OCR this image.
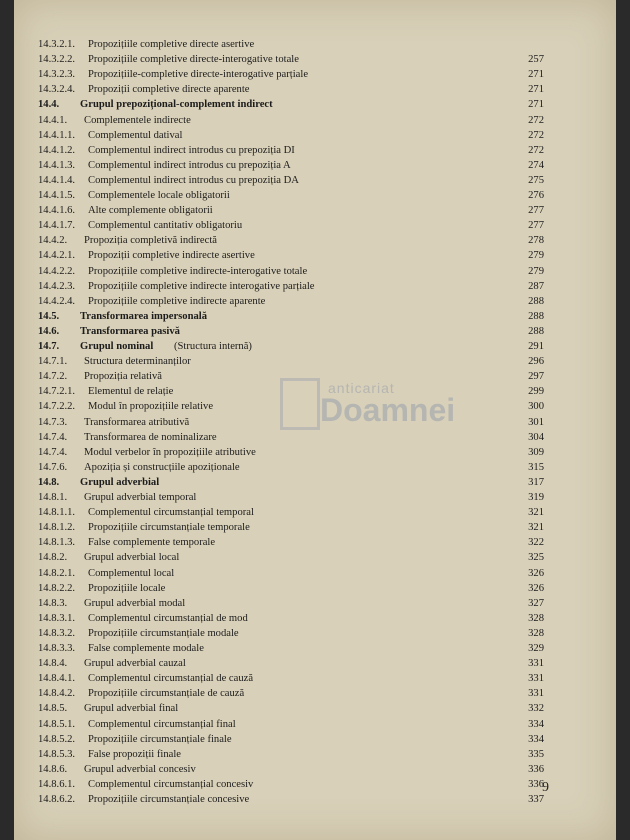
14.3.2.1. Propozițiile completive directe asertive
14.3.2.2. Propozițiile completive directe-interogative totale	257
14.3.2.3. Propozițiile-completive directe-interogative parțiale	271
14.3.2.4. Propoziții completive directe aparente	271
14.4. Grupul prepozițional-complement indirect	271
14.4.1. Complementele indirecte	272
14.4.1.1. Complementul datival	272
14.4.1.2. Complementul indirect introdus cu prepoziția DI	272
14.4.1.3. Complementul indirect introdus cu prepoziția A	274
14.4.1.4. Complementul indirect introdus cu prepoziția DA	275
14.4.1.5. Complementele locale obligatorii	276
14.4.1.6. Alte complemente obligatorii	277
14.4.1.7. Complementul cantitativ obligatoriu	277
14.4.2. Propoziția completivă indirectă	278
14.4.2.1. Propoziții completive indirecte asertive	279
14.4.2.2. Propozițiile completive indirecte-interogative totale	279
14.4.2.3. Propozițiile completive indirecte interogative parțiale	287
14.4.2.4. Propozițiile completive indirecte aparente	288
14.5. Transformarea impersonală	288
14.6. Transformarea pasivă	288
14.7. Grupul nominal (Structura internă)	291
14.7.1. Structura determinanților	296
14.7.2. Propoziția relativă	297
14.7.2.1. Elementul de relație	299
14.7.2.2. Modul în propozițiile relative	300
14.7.3. Transformarea atributivă	301
14.7.4. Transformarea de nominalizare	304
14.7.4. Modul verbelor în propozițiile atributive	309
14.7.6. Apoziția și construcțiile apoziționale	315
14.8. Grupul adverbial	317
14.8.1. Grupul adverbial temporal	319
14.8.1.1. Complementul circumstanțial temporal	321
14.8.1.2. Propozițiile circumstanțiale temporale	321
14.8.1.3. False complemente temporale	322
14.8.2. Grupul adverbial local	325
14.8.2.1. Complementul local	326
14.8.2.2. Propozițiile locale	326
14.8.3. Grupul adverbial modal	327
14.8.3.1. Complementul circumstanțial de mod	328
14.8.3.2. Propozițiile circumstanțiale modale	328
14.8.3.3. False complemente modale	329
14.8.4. Grupul adverbial cauzal	331
14.8.4.1. Complementul circumstanțial de cauză	331
14.8.4.2. Propozițiile circumstanțiale de cauză	331
14.8.5. Grupul adverbial final	332
14.8.5.1. Complementul circumstanțial final	334
14.8.5.2. Propozițiile circumstanțiale finale	334
14.8.5.3. False propoziții finale	335
14.8.6. Grupul adverbial concesiv	336
14.8.6.1. Complementul circumstanțial concesiv	336
14.8.6.2. Propozițiile circumstanțiale concesive	337
anticariat
Doamnei
9
